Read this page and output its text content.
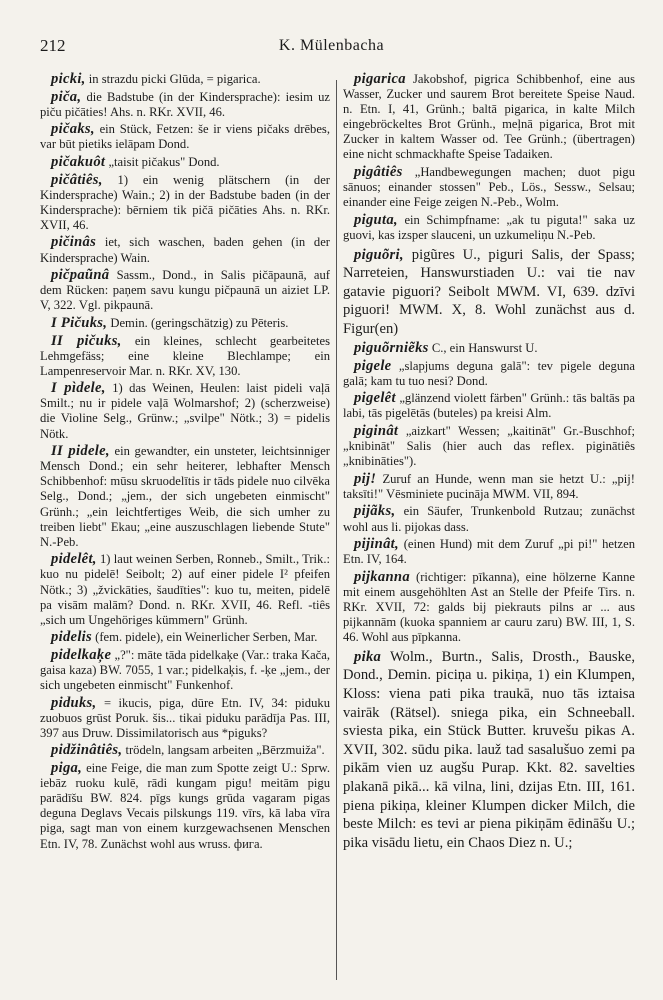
212	K. Mülenbacha

picki, in strazdu picki Glūda, = pigarica.

piča, die Badstube (in der Kindersprache): iesim uz piču pičāties! Ahs. n. RKr. XVII, 46.

pičaks, ein Stück, Fetzen: še ir viens pičaks drēbes, var būt pietiks ielāpam Dond.

pičakuôt „taisit pičakus" Dond.

pičâtiês, 1) ein wenig plätschern (in der Kindersprache) Wain.; 2) in der Badstube baden (in der Kindersprache): bērniem tik pičā pičāties Ahs. n. RKr. XVII, 46.

pičinâs iet, sich waschen, baden gehen (in der Kindersprache) Wain.

pičpaũnâ Sassm., Dond., in Salis pičāpaunā, auf dem Rücken: paņem savu kungu pičpaunā un aiziet LP. V, 322. Vgl. pikpaunā.

I Pičuks, Demin. (geringschätzig) zu Pēteris.

II pičuks, ein kleines, schlecht gearbeitetes Lehmgefäss; eine kleine Blechlampe; ein Lampenreservoir Mar. n. RKr. XV, 130.

I pìdele, 1) das Weinen, Heulen: laist pideli vaļā Smilt.; nu ir pidele vaļā Wolmarshof; 2) (scherzweise) die Violine Selg., Grünw.; „svilpe" Nötk.; 3) = pidelis Nötk.

II pidele, ein gewandter, ein unsteter, leichtsinniger Mensch Dond.; ein sehr heiterer, lebhafter Mensch Schibbenhof: mūsu skruodelītis ir tāds pidele nuo cilvēka Selg., Dond.; „jem., der sich ungebeten einmischt" Grünh.; „ein leichtfertiges Weib, die sich umher zu treiben liebt" Ekau; „eine auszuschlagen liebende Stute" N.-Peb.

pidelêt, 1) laut weinen Serben, Ronneb., Smilt., Trik.: kuo nu pidelē! Seibolt; 2) auf einer pidele I² pfeifen Nötk.; 3) „žvickāties, šaudīties": kuo tu, meiten, pidelē pa visām malām? Dond. n. RKr. XVII, 46. Refl. -tiês „sich um Ungehöriges kümmern" Grünh.

pidelis (fem. pidele), ein Weinerlicher Serben, Mar.

pidelkaķe „?": māte tāda pidelkaķe (Var.: traka Kača, gaisa kaza) BW. 7055, 1 var.; pidelkaķis, f. -ķe „jem., der sich ungebeten einmischt" Funkenhof.

piduks, = ikucis, piga, dūre Etn. IV, 34: piduku zuobuos grūst Poruk. šis... tikai piduku parādīja Pas. III, 397 aus Druw. Dissimilatorisch aus *piguks?

pidžinâtiês, trödeln, langsam arbeiten „Bērzmuiža".

piga, eine Feige, die man zum Spotte zeigt U.: Sprw. iebāz ruoku kulē, rādi kungam pigu! meitām pigu parādīšu BW. 824. pīgs kungs grūda vagaram pigas deguna Deglavs Vecais pilskungs 119. vīrs, kā laba vīra piga, sagt man von einem kurzgewachsenen Menschen Etn. IV, 78. Zunächst wohl aus wruss. фига.

pigarica Jakobshof, pigrica Schibbenhof, eine aus Wasser, Zucker und saurem Brot bereitete Speise Naud. n. Etn. I, 41, Grünh.; baltā pigarica, in kalte Milch eingebröckeltes Brot Grünh., meļnā pigarica, Brot mit Zucker in kaltem Wasser od. Tee Grünh.; (übertragen) eine nicht schmackhafte Speise Tadaiken.

pigâtiês „Handbewegungen machen; duot pigu sānuos; einander stossen" Peb., Lös., Sessw., Selsau; einander eine Feige zeigen N.-Peb., Wolm.

piguta, ein Schimpfname: „ak tu piguta!" saka uz guovi, kas izsper slauceni, un uzkumeliņu N.-Peb.

piguõri, pigũres U., piguri Salis, der Spass; Narreteien, Hanswurstiaden U.: vai tie nav gatavie piguori? Seibolt MWM. VI, 639. dzīvi piguori! MWM. X, 8. Wohl zunächst aus d. Figur(en)

piguõrniẽks C., ein Hanswurst U.

pigele „slapjums deguna galā": tev pigele deguna galā; kam tu tuo nesi? Dond.

pigelêt „glänzend violett färben" Grünh.: tās baltās pa labi, tās pigelētās (buteles) pa kreisi Alm.

piginât „aizkart" Wessen; „kaitināt" Gr.-Buschhof; „knibināt" Salis (hier auch das reflex. piginātiês „knibināties").

pij! Zuruf an Hunde, wenn man sie hetzt U.: „pij! taksīti!" Vēsminiete pucināja MWM. VII, 894.

pijãks, ein Säufer, Trunkenbold Rutzau; zunächst wohl aus li. pijokas dass.

pijinât, (einen Hund) mit dem Zuruf „pi pi!" hetzen Etn. IV, 164.

pijkanna (richtiger: pīkanna), eine hölzerne Kanne mit einem ausgehöhlten Ast an Stelle der Pfeife Tirs. n. RKr. XVII, 72: galds bij piekrauts pilns ar ... aus pijkannām (kuoka spanniem ar cauru zaru) BW. III, 1, S. 46. Wohl aus pīpkanna.

pika Wolm., Burtn., Salis, Drosth., Bauske, Dond., Demin. piciņa u. pikiņa, 1) ein Klumpen, Kloss: viena pati pika traukā, nuo tās iztaisa vairāk (Rätsel). sniega pika, ein Schneeball. sviesta pika, ein Stück Butter. kruvešu pikas A. XVII, 302. sūdu pika. lauž tad sasalušuo zemi pa pikām vien uz augšu Purap. Kkt. 82. savelties plakanā pikā... kā vilna, lini, dzijas Etn. III, 161. piena pikiņa, kleiner Klumpen dicker Milch, die beste Milch: es tevi ar piena pikiņām ēdināšu U.; pika visādu lietu, ein Chaos Diez n. U.;
